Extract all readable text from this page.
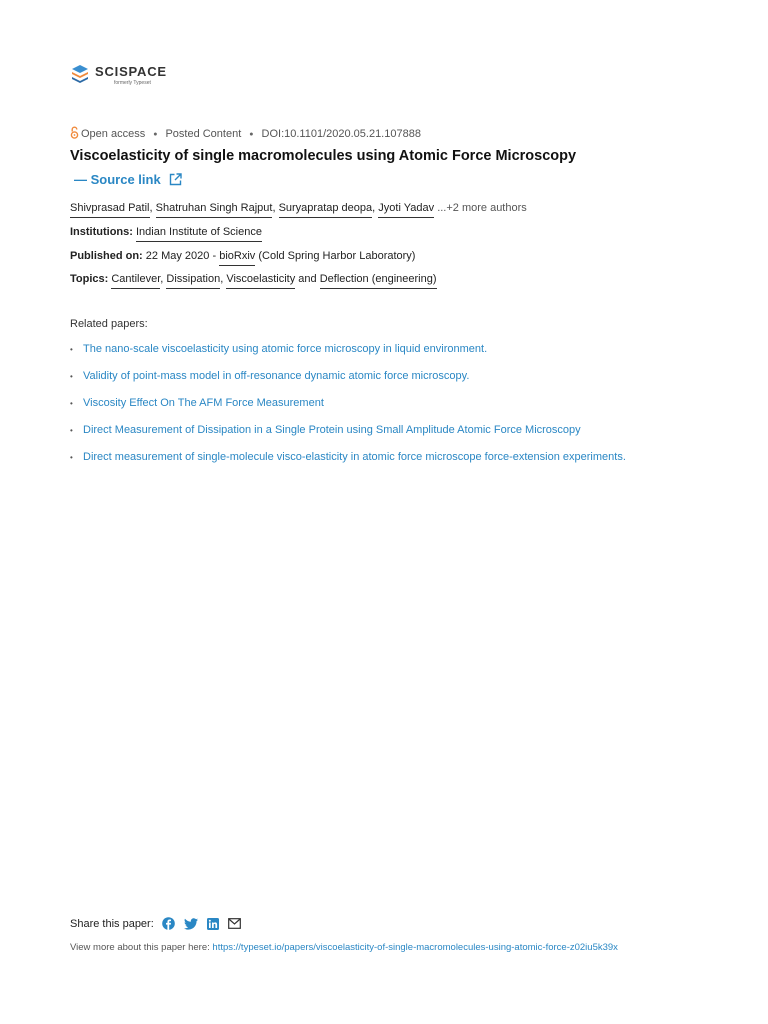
SCISPACE
formerly Typeset
Open access ● Posted Content ● DOI:10.1101/2020.05.21.107888
Viscoelasticity of single macromolecules using Atomic Force Microscopy
— Source link
Shivprasad Patil, Shatruhan Singh Rajput, Suryapratap deopa, Jyoti Yadav ...+2 more authors
Institutions: Indian Institute of Science
Published on: 22 May 2020 - bioRxiv (Cold Spring Harbor Laboratory)
Topics: Cantilever, Dissipation, Viscoelasticity and Deflection (engineering)
Related papers:
• The nano-scale viscoelasticity using atomic force microscopy in liquid environment.
• Validity of point-mass model in off-resonance dynamic atomic force microscopy.
• Viscosity Effect On The AFM Force Measurement
• Direct Measurement of Dissipation in a Single Protein using Small Amplitude Atomic Force Microscopy
• Direct measurement of single-molecule visco-elasticity in atomic force microscope force-extension experiments.
Share this paper:
View more about this paper here: https://typeset.io/papers/viscoelasticity-of-single-macromolecules-using-atomic-force-z02iu5k39x
